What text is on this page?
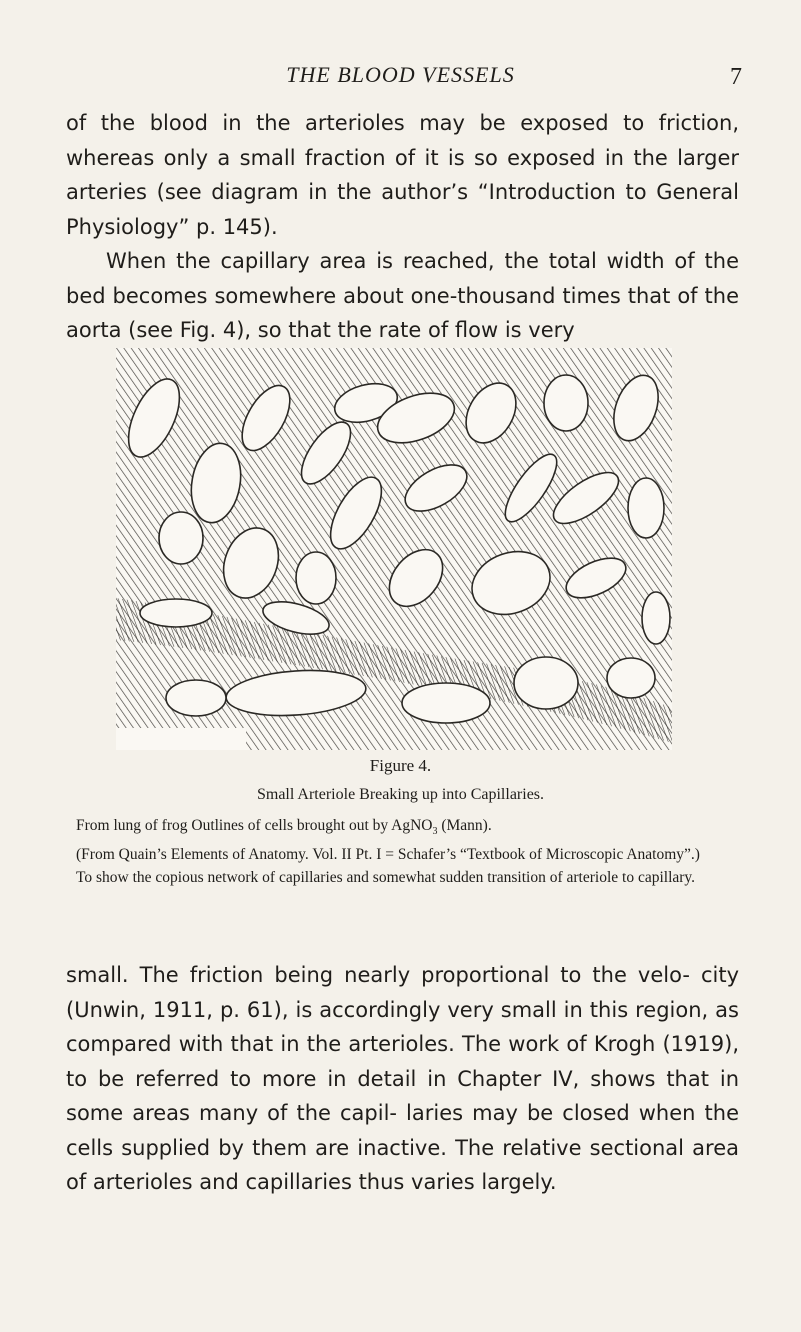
THE BLOOD VESSELS	7

of the blood in the arterioles may be exposed to friction, whereas only a small fraction of it is so exposed in the larger arteries (see diagram in the author’s “Introduction to General Physiology” p. 145).

When the capillary area is reached, the total width of the bed becomes somewhere about one-thousand times that of the aorta (see Fig. 4), so that the rate of flow is very

Figure 4.
Small Arteriole Breaking up into Capillaries.

From lung of frog Outlines of cells brought out by AgNO$_3$ (Mann).

(From Quain’s Elements of Anatomy. Vol. II Pt. I = Schafer’s “Textbook of Microscopic Anatomy”.)

To show the copious network of capillaries and somewhat sudden transition of arteriole to capillary.

small. The friction being nearly proportional to the velo- city (Unwin, 1911, p. 61), is accordingly very small in this region, as compared with that in the arterioles. The work of Krogh (1919), to be referred to more in detail in Chapter IV, shows that in some areas many of the capil- laries may be closed when the cells supplied by them are inactive. The relative sectional area of arterioles and capillaries thus varies largely.
